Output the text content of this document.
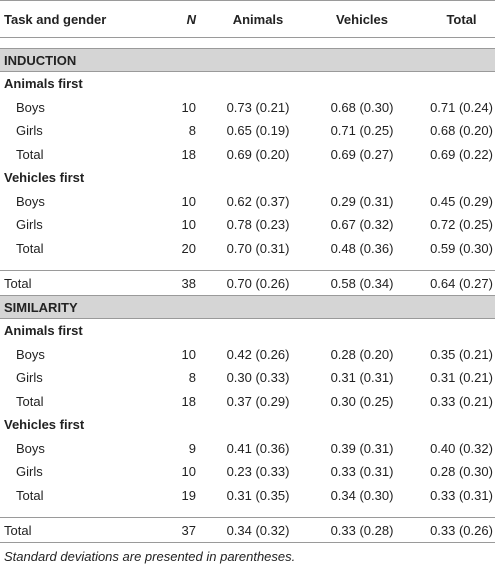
Task and gender	N	Animals	Vehicles	Total

INDUCTION				
Animals first				
Boys	10	0.73 (0.21)	0.68 (0.30)	0.71 (0.24)
Girls	8	0.65 (0.19)	0.71 (0.25)	0.68 (0.20)
Total	18	0.69 (0.20)	0.69 (0.27)	0.69 (0.22)
Vehicles first				
Boys	10	0.62 (0.37)	0.29 (0.31)	0.45 (0.29)
Girls	10	0.78 (0.23)	0.67 (0.32)	0.72 (0.25)
Total	20	0.70 (0.31)	0.48 (0.36)	0.59 (0.30)

Total	38	0.70 (0.26)	0.58 (0.34)	0.64 (0.27)
SIMILARITY				
Animals first				
Boys	10	0.42 (0.26)	0.28 (0.20)	0.35 (0.21)
Girls	8	0.30 (0.33)	0.31 (0.31)	0.31 (0.21)
Total	18	0.37 (0.29)	0.30 (0.25)	0.33 (0.21)
Vehicles first				
Boys	9	0.41 (0.36)	0.39 (0.31)	0.40 (0.32)
Girls	10	0.23 (0.33)	0.33 (0.31)	0.28 (0.30)
Total	19	0.31 (0.35)	0.34 (0.30)	0.33 (0.31)

Total	37	0.34 (0.32)	0.33 (0.28)	0.33 (0.26)
Standard deviations are presented in parentheses.				
